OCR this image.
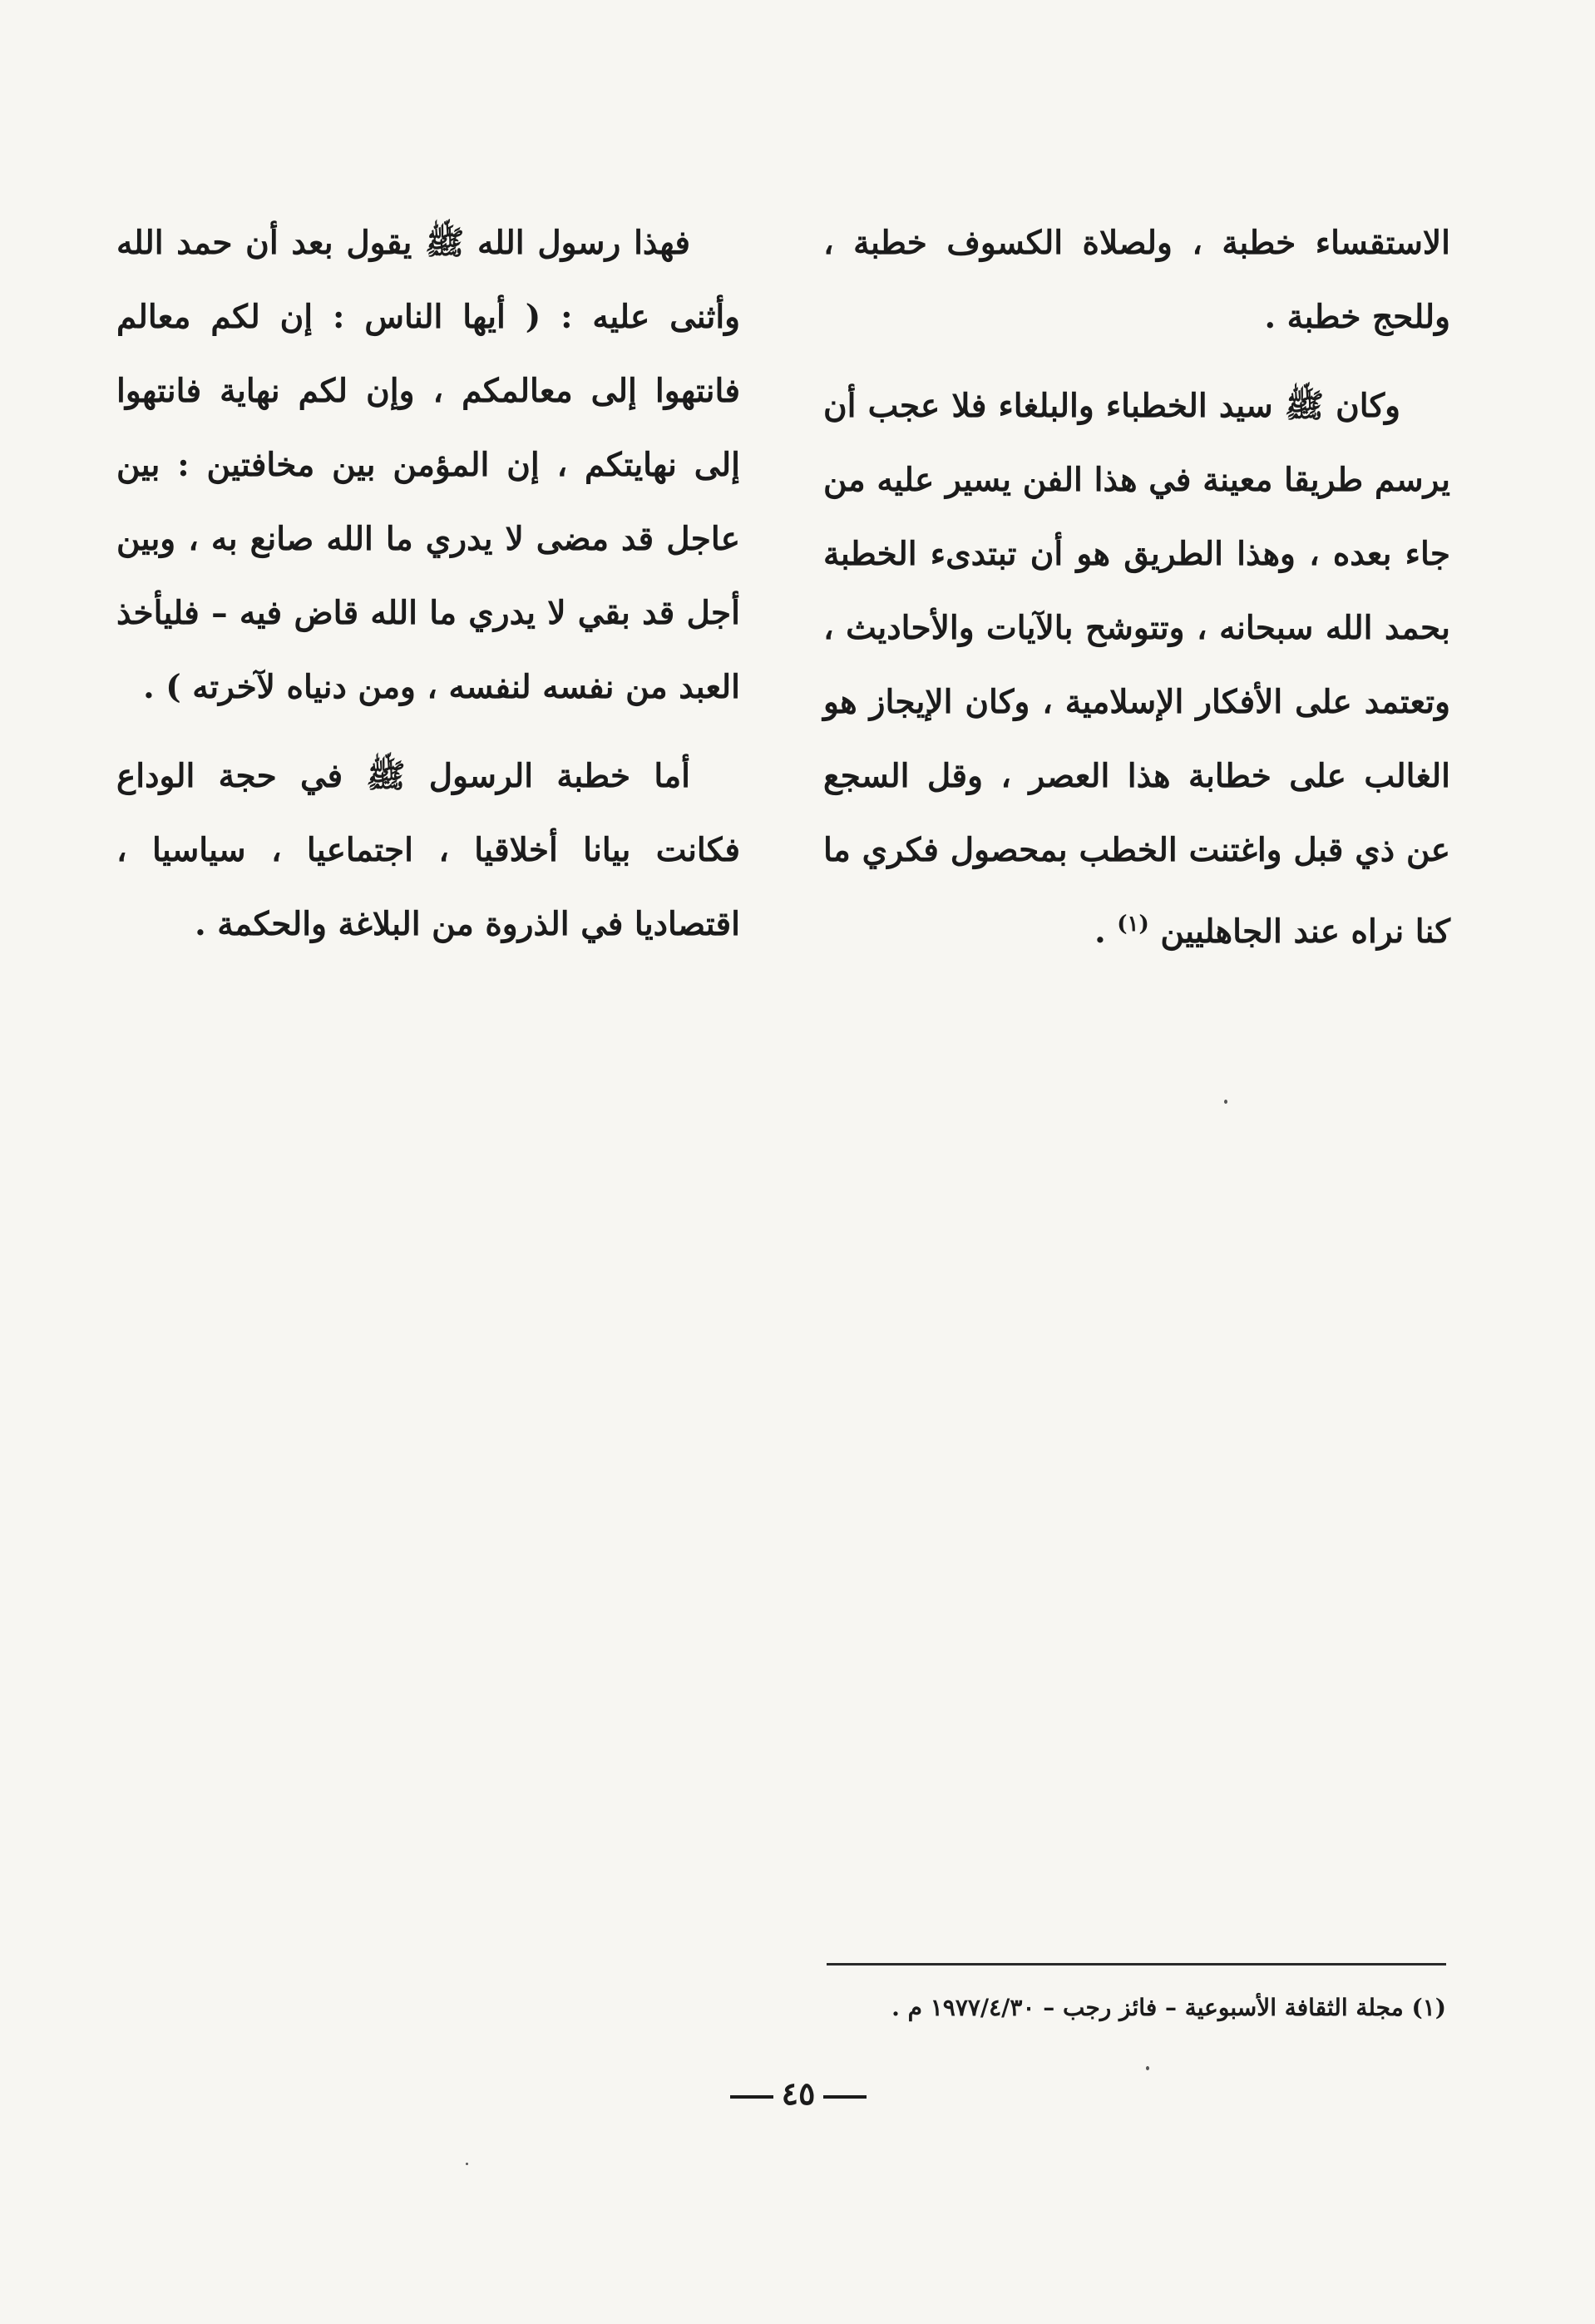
الاستقساء خطبة ، ولصلاة الكسوف خطبة ، وللحج خطبة .

وكان ﷺ سيد الخطباء والبلغاء فلا عجب أن يرسم طريقا معينة في هذا الفن يسير عليه من جاء بعده ، وهذا الطريق هو أن تبتدىء الخطبة بحمد الله سبحانه ، وتتوشح بالآيات والأحاديث ، وتعتمد على الأفكار الإسلامية ، وكان الإيجاز هو الغالب على خطابة هذا العصر ، وقل السجع عن ذي قبل واغتنت الخطب بمحصول فكري ما كنا نراه عند الجاهليين $^{(١)}$ .

فهذا رسول الله ﷺ يقول بعد أن حمد الله وأثنى عليه : ( أيها الناس : إن لكم معالم فانتهوا إلى معالمكم ، وإن لكم نهاية فانتهوا إلى نهايتكم ، إن المؤمن بين مخافتين : بين عاجل قد مضى لا يدري ما الله صانع به ، وبين أجل قد بقي لا يدري ما الله قاض فيه – فليأخذ العبد من نفسه لنفسه ، ومن دنياه لآخرته ) .

أما خطبة الرسول ﷺ في حجة الوداع فكانت بيانا أخلاقيا ، اجتماعيا ، سياسيا ، اقتصاديا في الذروة من البلاغة والحكمة .

(١) مجلة الثقافة الأسبوعية – فائز رجب – ١٩٧٧/٤/٣٠ م .
٤٥
